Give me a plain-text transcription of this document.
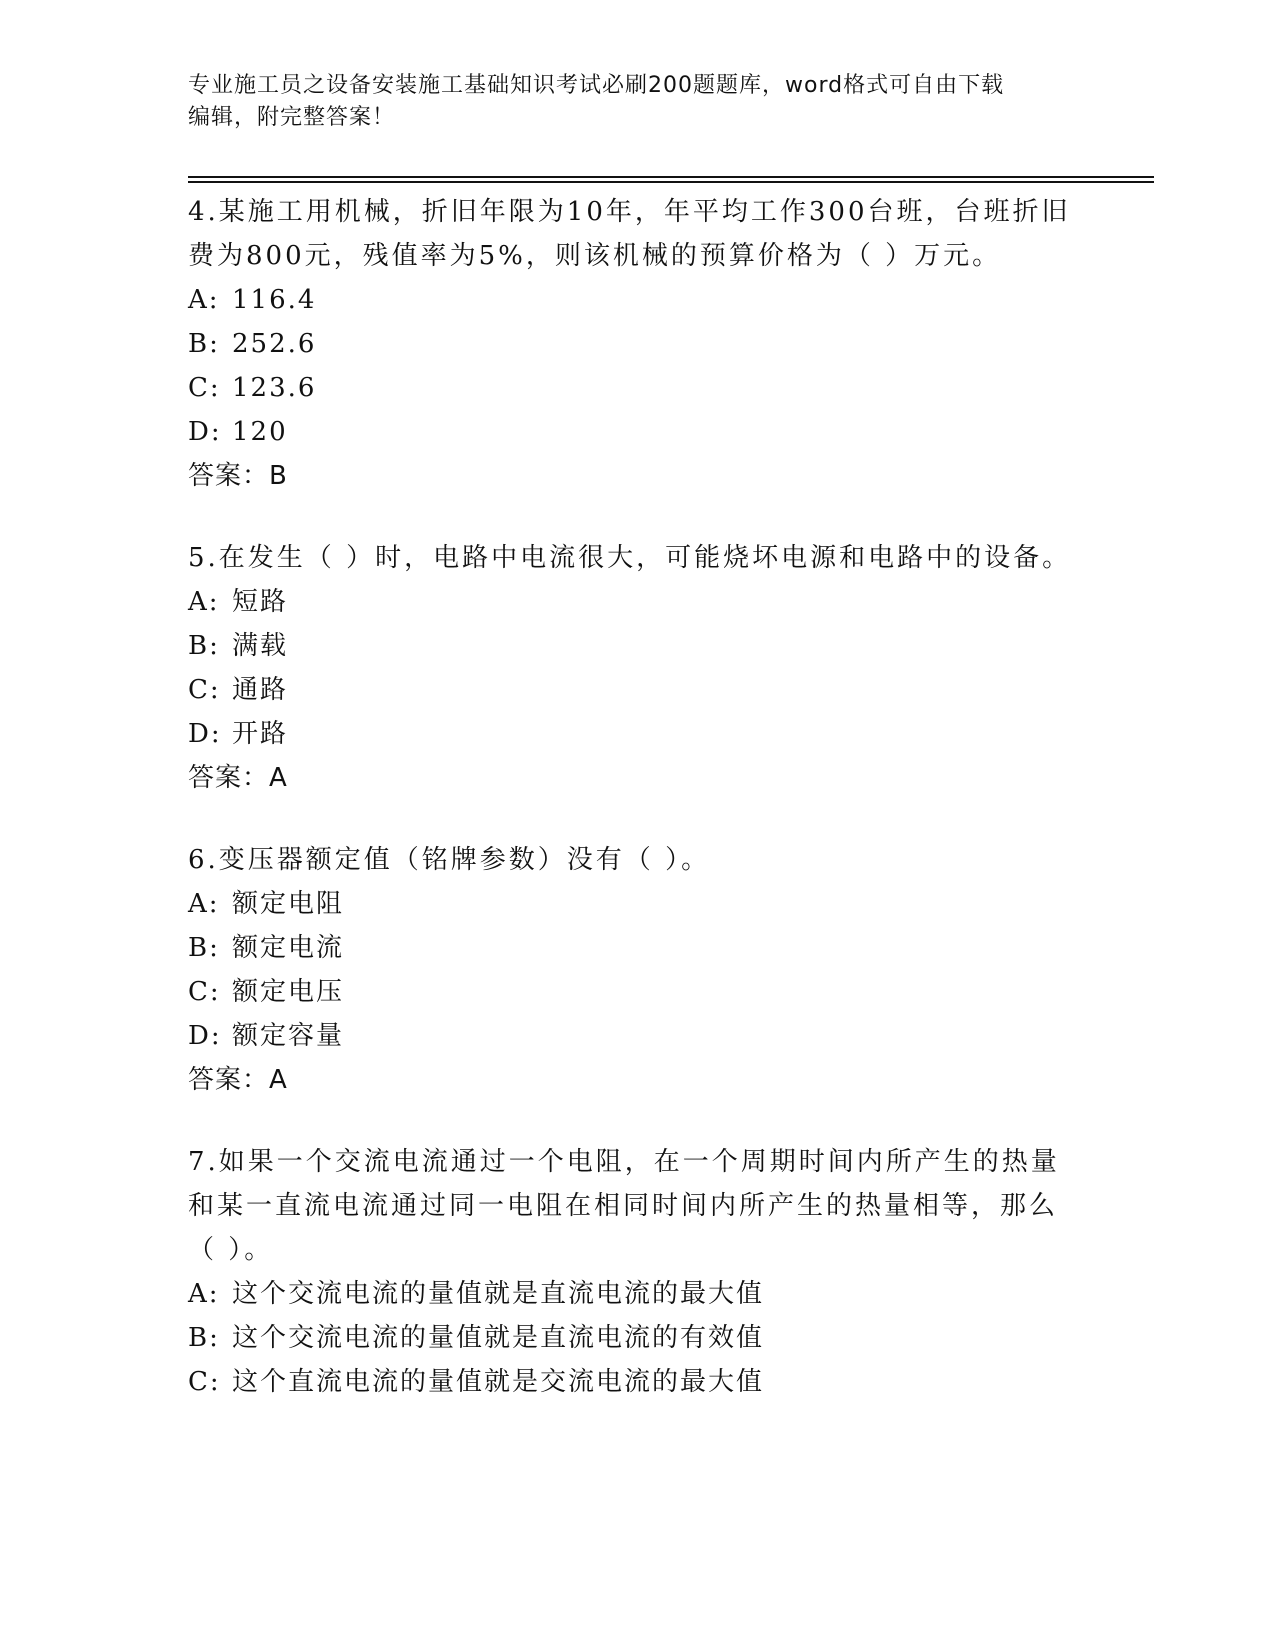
专业施工员之设备安装施工基础知识考试必刷200题题库，word格式可自由下载
编辑，附完整答案！

4.某施工用机械，折旧年限为10年，年平均工作300台班，台班折旧

费为800元，残值率为5%，则该机械的预算价格为（ ）万元。

A: 116.4
B: 252.6
C: 123.6
D: 120

答案：B

5.在发生（ ）时，电路中电流很大，可能烧坏电源和电路中的设备。

A: 短路
B: 满载
C: 通路
D: 开路

答案：A

6.变压器额定值（铭牌参数）没有（ ）。

A: 额定电阻
B: 额定电流
C: 额定电压
D: 额定容量

答案：A

7.如果一个交流电流通过一个电阻，在一个周期时间内所产生的热量

和某一直流电流通过同一电阻在相同时间内所产生的热量相等，那么

（ ）。

A: 这个交流电流的量值就是直流电流的最大值
B: 这个交流电流的量值就是直流电流的有效值
C: 这个直流电流的量值就是交流电流的最大值
